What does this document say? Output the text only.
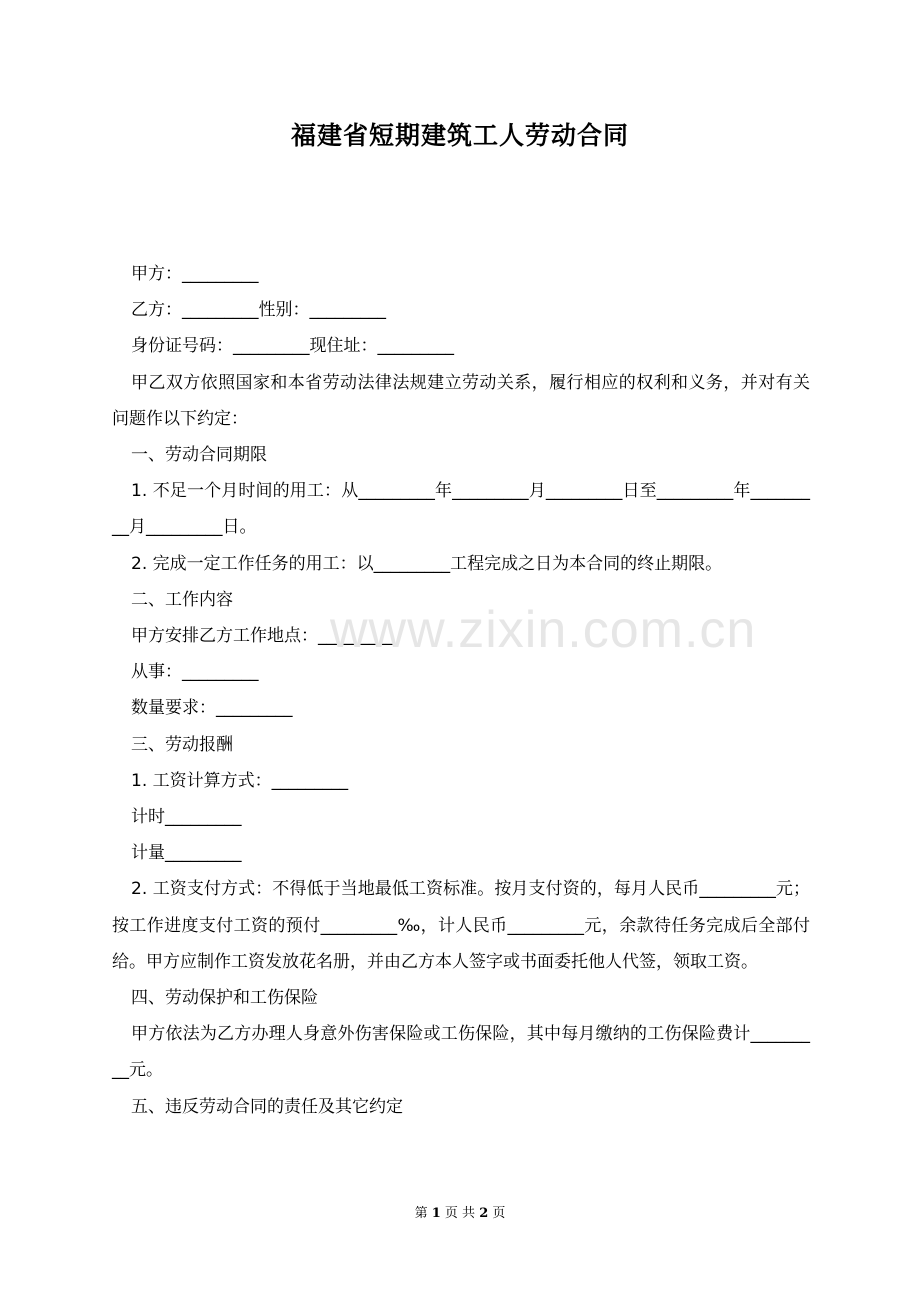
福建省短期建筑工人劳动合同

甲方：_________

乙方：_________性别：_________

身份证号码：_________现住址：_________

甲乙双方依照国家和本省劳动法律法规建立劳动关系，履行相应的权利和义务，并对有关问题作以下约定：

一、劳动合同期限

1. 不足一个月时间的用工：从_________年_________月_________日至_________年_________月_________日。

2. 完成一定工作任务的用工：以_________工程完成之日为本合同的终止期限。

二、工作内容

甲方安排乙方工作地点：_________

从事：_________

数量要求：_________

三、劳动报酬

1. 工资计算方式：_________

计时_________

计量_________

2. 工资支付方式：不得低于当地最低工资标准。按月支付资的，每月人民币_________元；按工作进度支付工资的预付_________‰，计人民币_________元，余款待任务完成后全部付给。甲方应制作工资发放花名册，并由乙方本人签字或书面委托他人代签，领取工资。

四、劳动保护和工伤保险

甲方依法为乙方办理人身意外伤害保险或工伤保险，其中每月缴纳的工伤保险费计_________元。

五、违反劳动合同的责任及其它约定

www.zixin.com.cn
第 1 页 共 2 页
